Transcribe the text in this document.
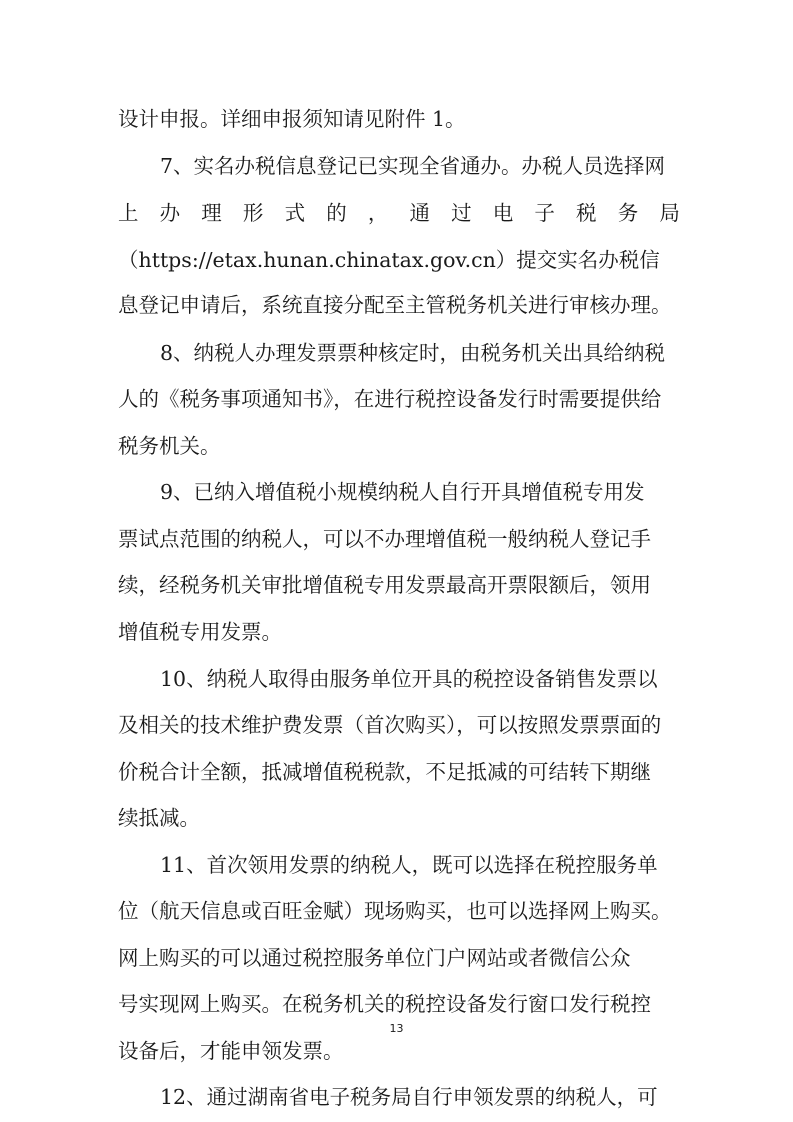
设计申报。详细申报须知请见附件 1。
7、实名办税信息登记已实现全省通办。办税人员选择网
上 办 理 形 式 的 ， 通 过 电 子 税 务 局
（https://etax.hunan.chinatax.gov.cn）提交实名办税信
息登记申请后，系统直接分配至主管税务机关进行审核办理。
8、纳税人办理发票票种核定时，由税务机关出具给纳税
人的《税务事项通知书》，在进行税控设备发行时需要提供给
税务机关。
9、已纳入增值税小规模纳税人自行开具增值税专用发
票试点范围的纳税人，可以不办理增值税一般纳税人登记手
续，经税务机关审批增值税专用发票最高开票限额后，领用
增值税专用发票。
10、纳税人取得由服务单位开具的税控设备销售发票以
及相关的技术维护费发票（首次购买），可以按照发票票面的
价税合计全额，抵减增值税税款，不足抵减的可结转下期继
续抵减。
11、首次领用发票的纳税人，既可以选择在税控服务单
位（航天信息或百旺金赋）现场购买，也可以选择网上购买。
网上购买的可以通过税控服务单位门户网站或者微信公众
号实现网上购买。在税务机关的税控设备发行窗口发行税控
设备后，才能申领发票。
12、通过湖南省电子税务局自行申领发票的纳税人，可
13
